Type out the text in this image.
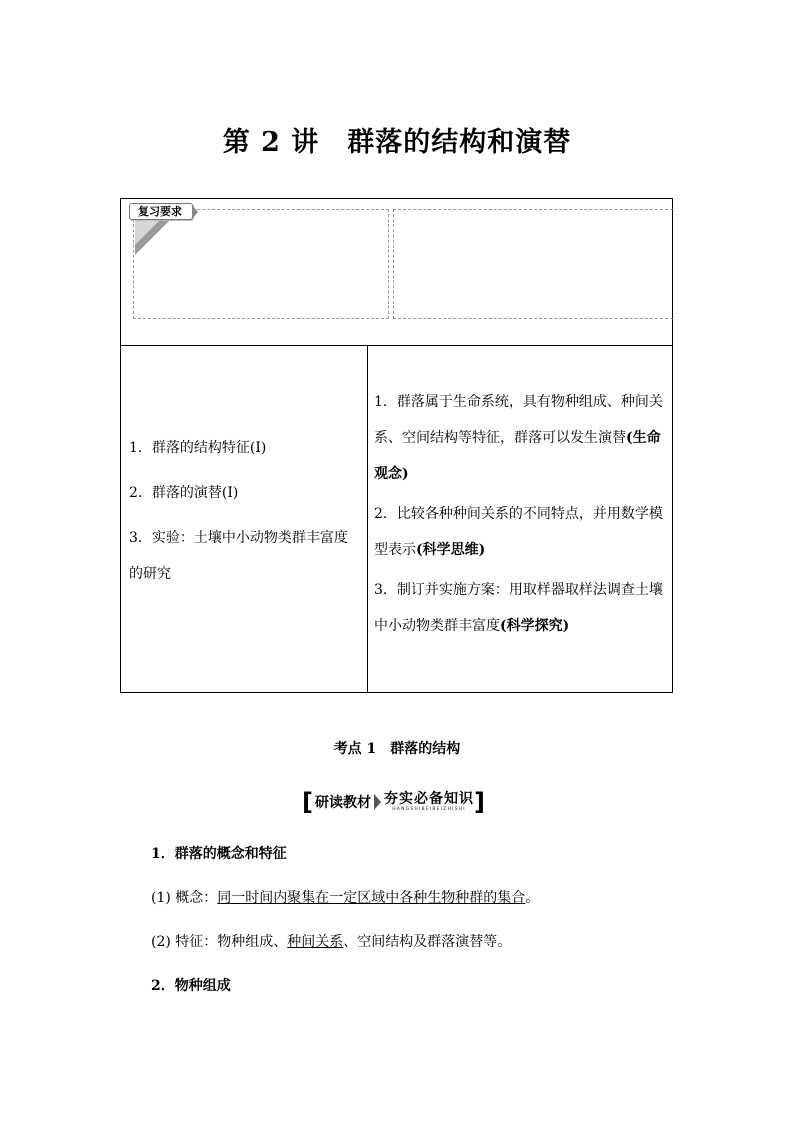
第 2 讲　群落的结构和演替
复习要求

1．群落的结构特征(Ⅰ)

2．群落的演替(Ⅰ)

3．实验：土壤中小动物类群丰富度的研究

1．群落属于生命系统，具有物种组成、种间关系、空间结构等特征，群落可以发生演替(生命观念)

2．比较各种种间关系的不同特点，并用数学模型表示(科学思维)

3．制订并实施方案：用取样器取样法调查土壤中小动物类群丰富度(科学探究)

考点 1　群落的结构
[ 研读教材 夯实必备知识
HANGSHIBEIBEIZHISHI ]
1．群落的概念和特征
(1) 概念：同一时间内聚集在一定区域中各种生物种群的集合。
(2) 特征：物种组成、种间关系、空间结构及群落演替等。
2．物种组成
